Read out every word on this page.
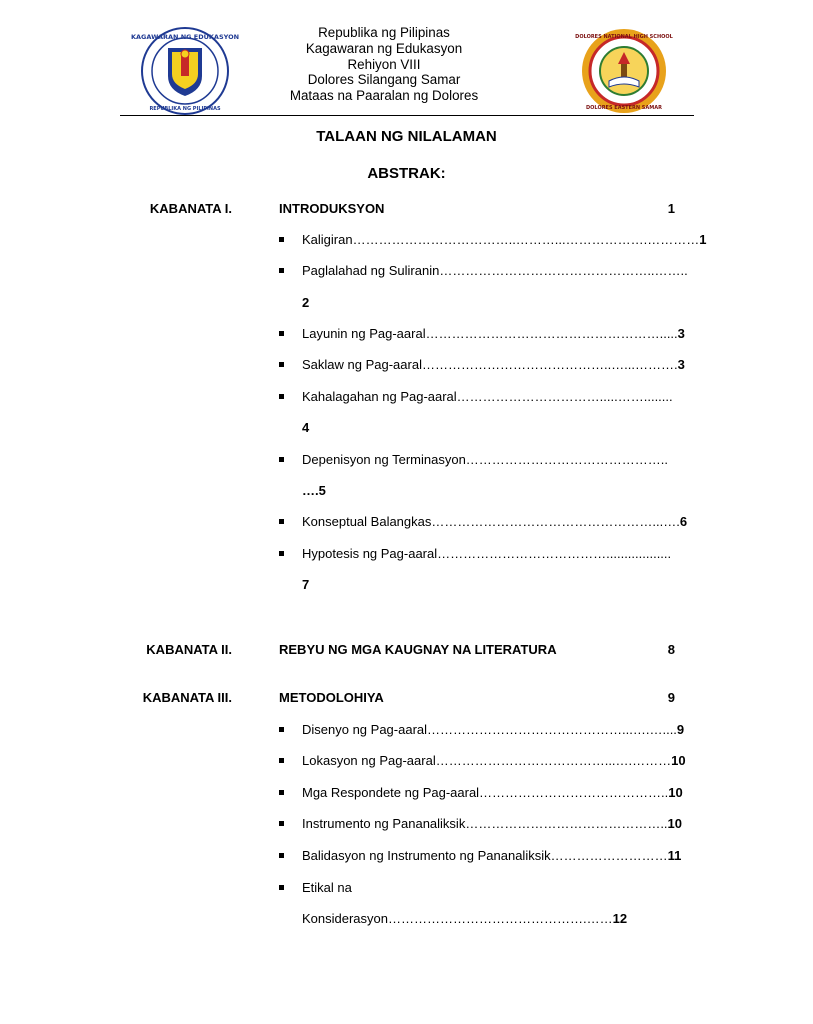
KAGAWARAN NG EDUKASYON
REPUBLIKA NG PILIPINAS
DOLORES NATIONAL HIGH SCHOOL
DOLORES EASTERN SAMAR
Republika ng Pilipinas
Kagawaran ng Edukasyon
Rehiyon VIII
Dolores Silangang Samar
Mataas na Paaralan ng Dolores
TALAAN NG NILALAMAN
ABSTRAK:
KABANATA I.	INTRODUKSYON	1
Kaligiran………………………………..………...……………….…………1
Paglalahad ng Suliranin…………………………………………..……..
2
Layunin ng Pag-aaral……………………………………………….....3
Saklaw ng Pag-aaral……………………………………..…...……….3
Kahalagahan ng Pag-aaral…………………………….....……........
4
Depenisyon ng Terminasyon………………………………………..
….5
Konseptual Balangkas……………………………………………...….6
Hypotesis ng Pag-aaral…………………………………..................
7
KABANATA II.	REBYU NG MGA KAUGNAY NA LITERATURA	8
KABANATA III.	METODOLOHIYA	9
Disenyo ng Pag-aaral………………………………………...….…....9
Lokasyon ng Pag-aaral…………………………………...….………10
Mga Respondete ng Pag-aaral……………………………………..10
Instrumento ng Pananaliksik………………………………………..10
Balidasyon ng Instrumento ng Pananaliksik………………………11
Etikal na
Konsiderasyon……………………………………….……12
